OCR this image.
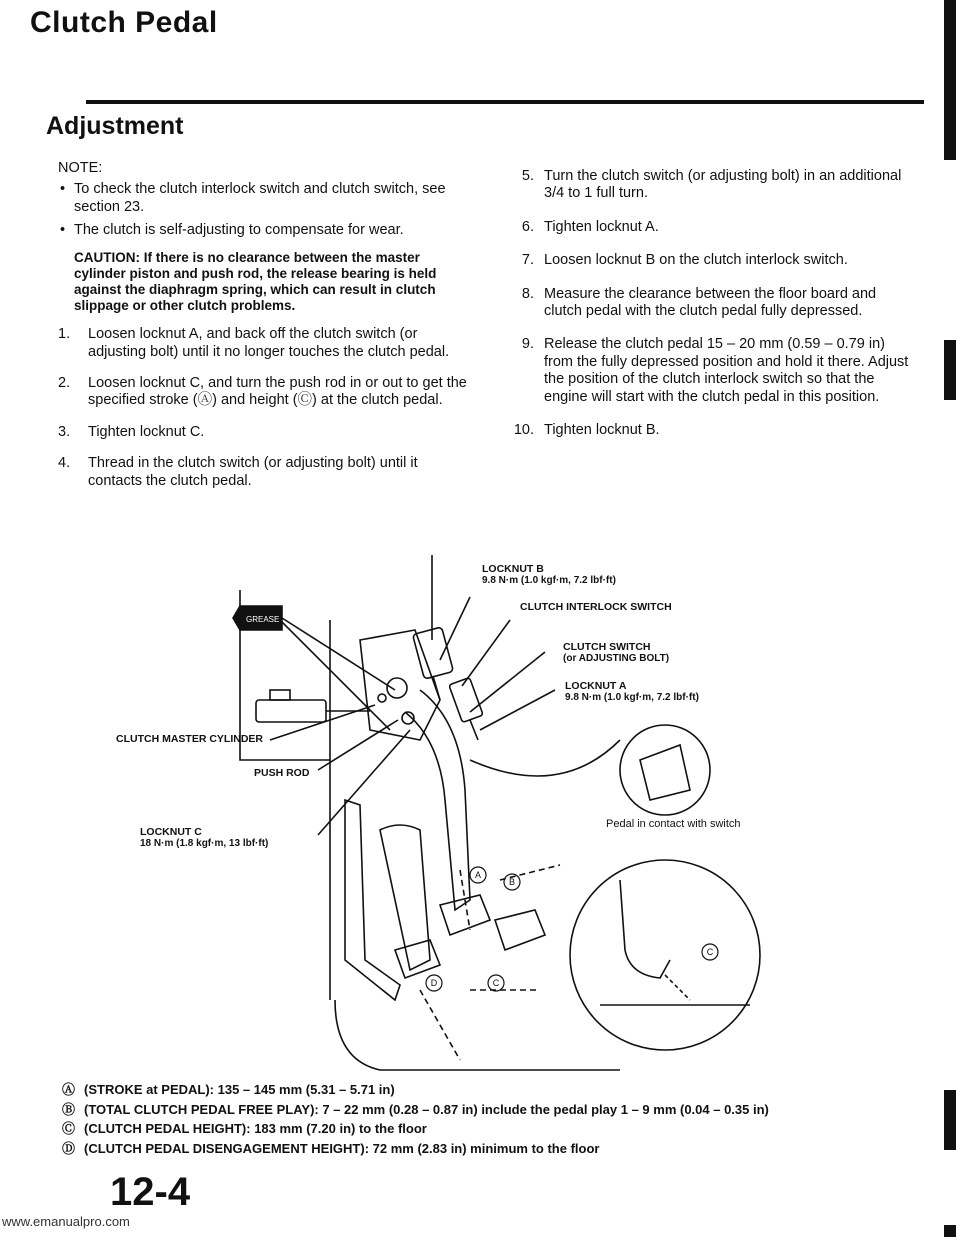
Clutch Pedal
Adjustment
NOTE:
• To check the clutch interlock switch and clutch switch, see section 23.
• The clutch is self-adjusting to compensate for wear.
CAUTION: If there is no clearance between the master cylinder piston and push rod, the release bearing is held against the diaphragm spring, which can result in clutch slippage or other clutch problems.
1.	Loosen locknut A, and back off the clutch switch (or adjusting bolt) until it no longer touches the clutch pedal.
2.	Loosen locknut C, and turn the push rod in or out to get the specified stroke (Ⓐ) and height (Ⓒ) at the clutch pedal.
3.	Tighten locknut C.
4.	Thread in the clutch switch (or adjusting bolt) until it contacts the clutch pedal.
5. Turn the clutch switch (or adjusting bolt) in an additional 3/4 to 1 full turn.
6. Tighten locknut A.
7. Loosen locknut B on the clutch interlock switch.
8. Measure the clearance between the floor board and clutch pedal with the clutch pedal fully depressed.
9. Release the clutch pedal 15 – 20 mm (0.59 – 0.79 in) from the fully depressed position and hold it there. Adjust the position of the clutch interlock switch so that the engine will start with the clutch pedal in this position.
10. Tighten locknut B.
GREASE
A
B
C
D
C
LOCKNUT B
9.8 N·m (1.0 kgf·m, 7.2 lbf·ft)
CLUTCH INTERLOCK SWITCH
CLUTCH SWITCH
(or ADJUSTING BOLT)
LOCKNUT A
9.8 N·m (1.0 kgf·m, 7.2 lbf·ft)
CLUTCH MASTER CYLINDER
PUSH ROD
Pedal in contact with switch
LOCKNUT C
18 N·m (1.8 kgf·m, 13 lbf·ft)
Ⓐ (STROKE at PEDAL): 135 – 145 mm (5.31 – 5.71 in)
Ⓑ (TOTAL CLUTCH PEDAL FREE PLAY): 7 – 22 mm (0.28 – 0.87 in) include the pedal play 1 – 9 mm (0.04 – 0.35 in)
Ⓒ (CLUTCH PEDAL HEIGHT): 183 mm (7.20 in) to the floor
Ⓓ (CLUTCH PEDAL DISENGAGEMENT HEIGHT): 72 mm (2.83 in) minimum to the floor
12-4
www.emanualpro.com
